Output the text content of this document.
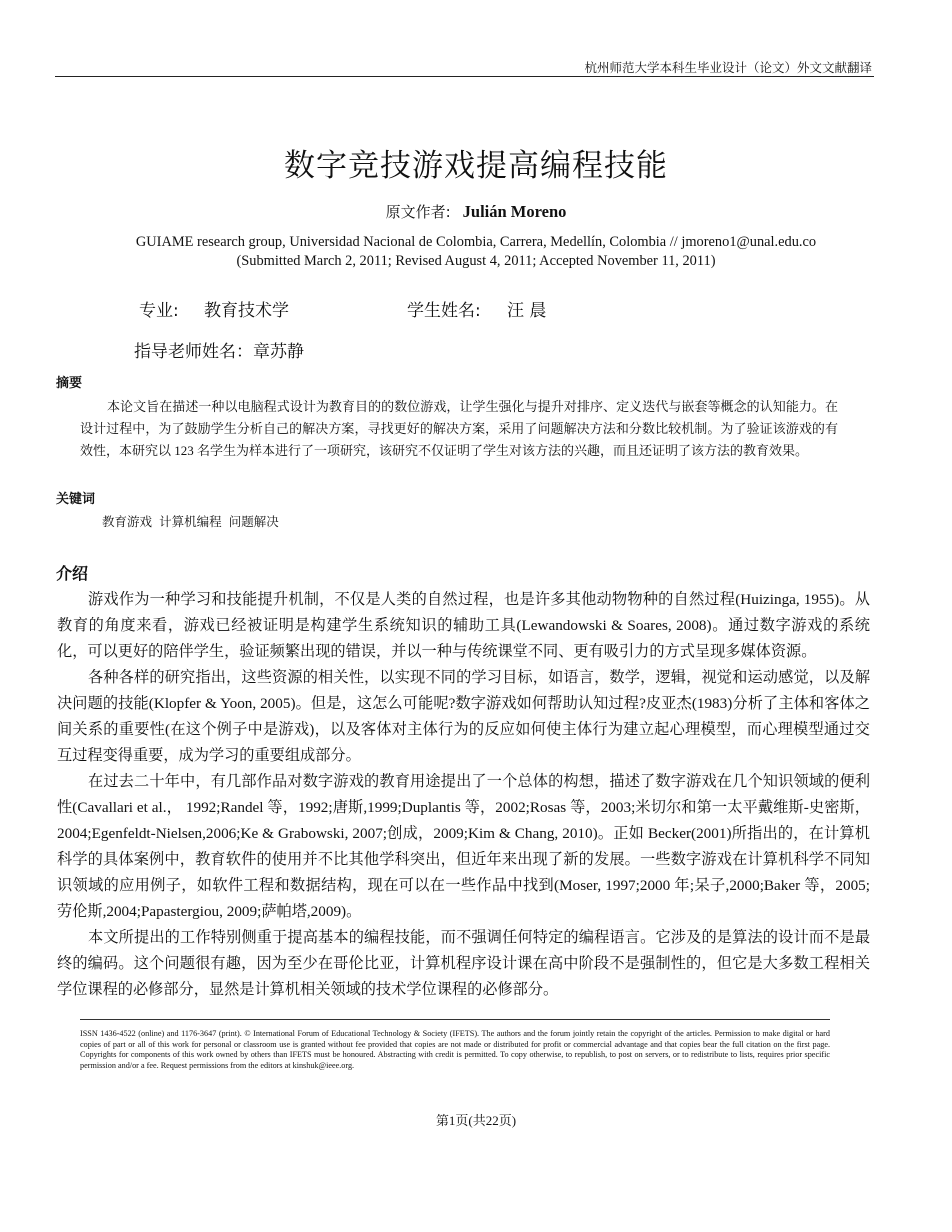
杭州师范大学本科生毕业设计（论文）外文文献翻译
数字竞技游戏提高编程技能
原文作者: Julián Moreno
GUIAME research group, Universidad Nacional de Colombia, Carrera, Medellín, Colombia // jmoreno1@unal.edu.co
(Submitted March 2, 2011; Revised August 4, 2011; Accepted November 11, 2011)
专业: 教育技术学	学生姓名: 汪 晨
指导老师姓名：章苏静
摘要

本论文旨在描述一种以电脑程式设计为教育目的的数位游戏，让学生强化与提升对排序、定义迭代与嵌套等概念的认知能力。在设计过程中，为了鼓励学生分析自己的解决方案，寻找更好的解决方案，采用了问题解决方法和分数比较机制。为了验证该游戏的有效性，本研究以 123 名学生为样本进行了一项研究，该研究不仅证明了学生对该方法的兴趣，而且还证明了该方法的教育效果。

关键词
教育游戏 计算机编程 问题解决
介绍

游戏作为一种学习和技能提升机制，不仅是人类的自然过程，也是许多其他动物物种的自然过程(Huizinga, 1955)。从教育的角度来看，游戏已经被证明是构建学生系统知识的辅助工具(Lewandowski & Soares, 2008)。通过数字游戏的系统化，可以更好的陪伴学生，验证频繁出现的错误，并以一种与传统课堂不同、更有吸引力的方式呈现多媒体资源。

各种各样的研究指出，这些资源的相关性，以实现不同的学习目标，如语言，数学，逻辑，视觉和运动感觉，以及解决问题的技能(Klopfer & Yoon, 2005)。但是，这怎么可能呢?数字游戏如何帮助认知过程?皮亚杰(1983)分析了主体和客体之间关系的重要性(在这个例子中是游戏)，以及客体对主体行为的反应如何使主体行为建立起心理模型，而心理模型通过交互过程变得重要，成为学习的重要组成部分。

在过去二十年中，有几部作品对数字游戏的教育用途提出了一个总体的构想，描述了数字游戏在几个知识领域的便利性(Cavallari et al.， 1992;Randel 等，1992;唐斯,1999;Duplantis 等，2002;Rosas 等，2003;米切尔和第一太平戴维斯-史密斯，2004;Egenfeldt-Nielsen,2006;Ke & Grabowski, 2007;创成，2009;Kim & Chang, 2010)。正如 Becker(2001)所指出的，在计算机科学的具体案例中，教育软件的使用并不比其他学科突出，但近年来出现了新的发展。一些数字游戏在计算机科学不同知识领域的应用例子，如软件工程和数据结构，现在可以在一些作品中找到(Moser, 1997;2000 年;呆子,2000;Baker 等，2005;劳伦斯,2004;Papastergiou, 2009;萨帕塔,2009)。

本文所提出的工作特别侧重于提高基本的编程技能，而不强调任何特定的编程语言。它涉及的是算法的设计而不是最终的编码。这个问题很有趣，因为至少在哥伦比亚，计算机程序设计课在高中阶段不是强制性的，但它是大多数工程相关学位课程的必修部分，显然是计算机相关领域的技术学位课程的必修部分。

ISSN 1436-4522 (online) and 1176-3647 (print). © International Forum of Educational Technology & Society (IFETS). The authors and the forum jointly retain the copyright of the articles. Permission to make digital or hard copies of part or all of this work for personal or classroom use is granted without fee provided that copies are not made or distributed for profit or commercial advantage and that copies bear the full citation on the first page. Copyrights for components of this work owned by others than IFETS must be honoured. Abstracting with credit is permitted. To copy otherwise, to republish, to post on servers, or to redistribute to lists, requires prior specific permission and/or a fee. Request permissions from the editors at kinshuk@ieee.org.
第1页(共22页)
